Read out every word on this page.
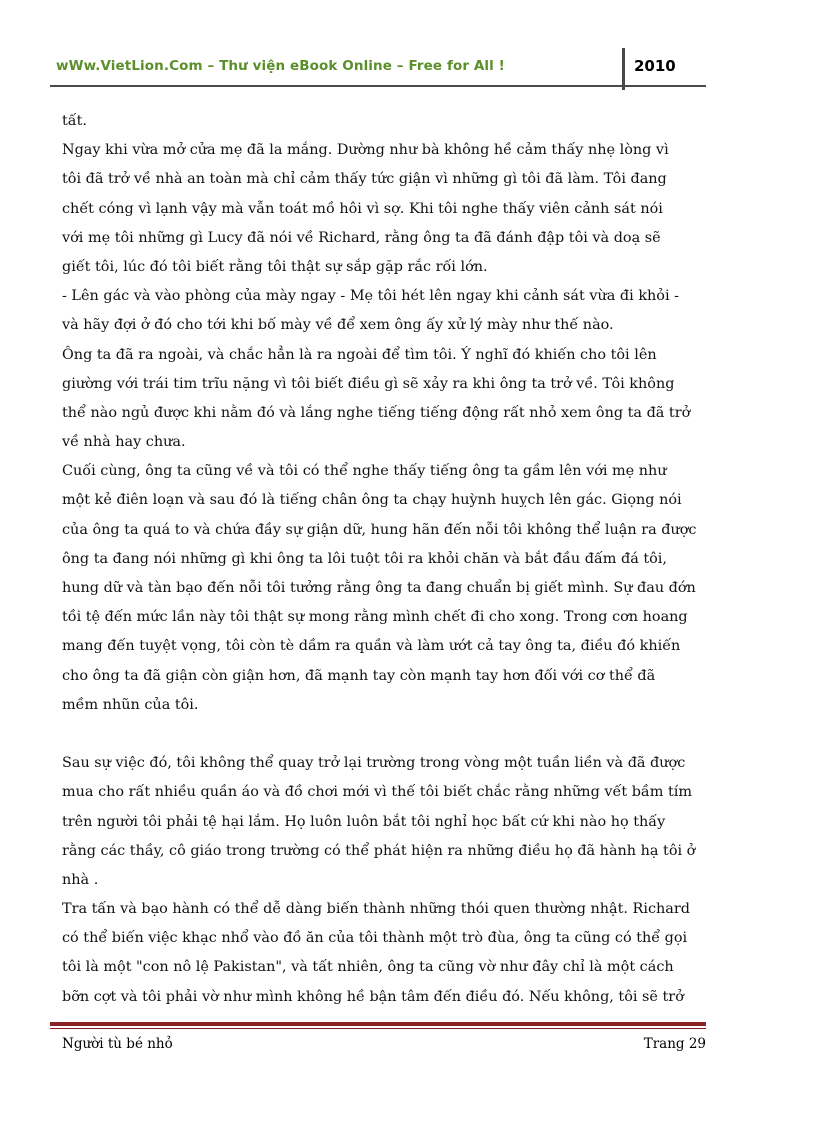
wWw.VietLion.Com – Thư viện eBook Online – Free for All !	2010
tất.
Ngay khi vừa mở cửa mẹ đã la mắng. Dường như bà không hề cảm thấy nhẹ lòng vì
tôi đã trở về nhà an toàn mà chỉ cảm thấy tức giận vì những gì tôi đã làm. Tôi đang
chết cóng vì lạnh vậy mà vẫn toát mồ hôi vì sợ. Khi tôi nghe thấy viên cảnh sát nói
với mẹ tôi những gì Lucy đã nói về Richard, rằng ông ta đã đánh đập tôi và doạ sẽ
giết tôi, lúc đó tôi biết rằng tôi thật sự sắp gặp rắc rối lớn.
- Lên gác và vào phòng của mày ngay - Mẹ tôi hét lên ngay khi cảnh sát vừa đi khỏi -
và hãy đợi ở đó cho tới khi bố mày về để xem ông ấy xử lý mày như thế nào.
Ông ta đã ra ngoài, và chắc hẳn là ra ngoài để tìm tôi. Ý nghĩ đó khiến cho tôi lên
giường với trái tim trĩu nặng vì tôi biết điều gì sẽ xảy ra khi ông ta trở về. Tôi không
thể nào ngủ được khi nằm đó và lắng nghe tiếng tiếng động rất nhỏ xem ông ta đã trở
về nhà hay chưa.
Cuối cùng, ông ta cũng về và tôi có thể nghe thấy tiếng ông ta gầm lên với mẹ như
một kẻ điên loạn và sau đó là tiếng chân ông ta chạy huỳnh huỵch lên gác. Giọng nói
của ông ta quá to và chứa đầy sự giận dữ, hung hãn đến nỗi tôi không thể luận ra được
ông ta đang nói những gì khi ông ta lôi tuột tôi ra khỏi chăn và bắt đầu đấm đá tôi,
hung dữ và tàn bạo đến nỗi tôi tưởng rằng ông ta đang chuẩn bị giết mình. Sự đau đớn
tồi tệ đến mức lần này tôi thật sự mong rằng mình chết đi cho xong. Trong cơn hoang
mang đến tuyệt vọng, tôi còn tè dầm ra quần và làm ướt cả tay ông ta, điều đó khiến
cho ông ta đã giận còn giận hơn, đã mạnh tay còn mạnh tay hơn đối với cơ thể đã
mềm nhũn của tôi.
Sau sự việc đó, tôi không thể quay trở lại trường trong vòng một tuần liền và đã được
mua cho rất nhiều quần áo và đồ chơi mới vì thế tôi biết chắc rằng những vết bầm tím
trên người tôi phải tệ hại lắm. Họ luôn luôn bắt tôi nghỉ học bất cứ khi nào họ thấy
rằng các thầy, cô giáo trong trường có thể phát hiện ra những điều họ đã hành hạ tôi ở
nhà .
Tra tấn và bạo hành có thể dễ dàng biến thành những thói quen thường nhật. Richard
có thể biến việc khạc nhổ vào đồ ăn của tôi thành một trò đùa, ông ta cũng có thể gọi
tôi là một "con nô lệ Pakistan", và tất nhiên, ông ta cũng vờ như đây chỉ là một cách
bỡn cợt và tôi phải vờ như mình không hề bận tâm đến điều đó. Nếu không, tôi sẽ trở
Người tù bé nhỏ	Trang 29
